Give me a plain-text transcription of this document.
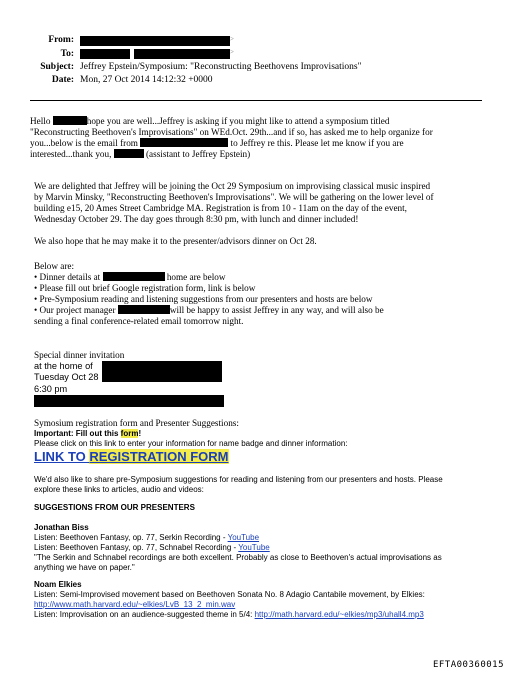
From:	>
To:	>
Subject: Jeffrey Epstein/Symposium: "Reconstructing Beethovens Improvisations"
Date: Mon, 27 Oct 2014 14:12:32 +0000
Hello	hope you are well...Jeffrey is asking if you might like to attend a symposium titled
"Reconstructing Beethoven's Improvisations" on WEd.Oct. 29th...and if so, has asked me to help organize for
you...below is the email from	to Jeffrey re this. Please let me know if you are
interested...thank you,	(assistant to Jeffrey Epstein)
We are delighted that Jeffrey will be joining the Oct 29 Symposium on improvising classical music inspired
by Marvin Minsky, "Reconstructing Beethoven's Improvisations". We will be gathering on the lower level of
building e15, 20 Ames Street Cambridge MA. Registration is from 10 - 11am on the day of the event,
Wednesday October 29. The day goes through 8:30 pm, with lunch and dinner included!
We also hope that he may make it to the presenter/advisors dinner on Oct 28.
Below are:
• Dinner details at	home are below
• Please fill out brief Google registration form, link is below
• Pre-Symposium reading and listening suggestions from our presenters and hosts are below
• Our project manager	will be happy to assist Jeffrey in any way, and will also be
sending a final conference-related email tomorrow night.
Special dinner invitation
at the home of
Tuesday Oct 28
6:30 pm
Symosium registration form and Presenter Suggestions:
Important: Fill out this form!
Please click on this link to enter your information for name badge and dinner information:
LINK TO REGISTRATION FORM
We'd also like to share pre-Symposium suggestions for reading and listening from our presenters and hosts. Please
explore these links to articles, audio and videos:
SUGGESTIONS FROM OUR PRESENTERS
Jonathan Biss
Listen: Beethoven Fantasy, op. 77, Serkin Recording - YouTube
Listen: Beethoven Fantasy, op. 77, Schnabel Recording - YouTube
"The Serkin and Schnabel recordings are both excellent. Probably as close to Beethoven's actual improvisations as
anything we have on paper."
Noam Elkies
Listen: Semi-Improvised movement based on Beethoven Sonata No. 8 Adagio Cantabile movement, by Elkies:
http://www.math.harvard.edu/~elkies/LvB_13_2_min.wav
Listen: Improvisation on an audience-suggested theme in 5/4: http://math.harvard.edu/~elkies/mp3/uhall4.mp3
EFTA00360015
